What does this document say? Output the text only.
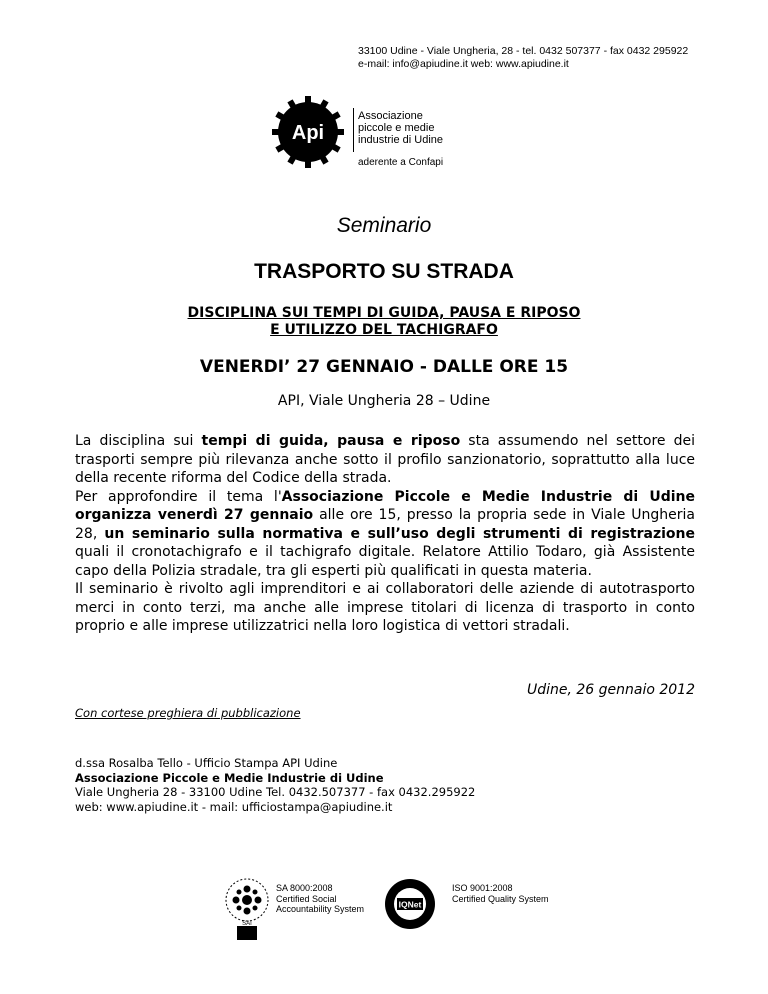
33100 Udine - Viale Ungheria, 28 - tel. 0432 507377 - fax 0432 295922
e-mail: info@apiudine.it web: www.apiudine.it
Api
Associazione
piccole e medie
industrie di Udine
aderente a Confapi
Seminario
TRASPORTO SU STRADA
DISCIPLINA SUI TEMPI DI GUIDA, PAUSA E RIPOSO
E UTILIZZO DEL TACHIGRAFO
VENERDI’ 27 GENNAIO - DALLE ORE 15
API, Viale Ungheria 28 – Udine

La disciplina sui tempi di guida, pausa e riposo sta assumendo nel settore dei trasporti sempre più rilevanza anche sotto il profilo sanzionatorio, soprattutto alla luce della recente riforma del Codice della strada.

Per approfondire il tema l'Associazione Piccole e Medie Industrie di Udine organizza venerdì 27 gennaio alle ore 15, presso la propria sede in Viale Ungheria 28, un seminario sulla normativa e sull’uso degli strumenti di registrazione quali il cronotachigrafo e il tachigrafo digitale. Relatore Attilio Todaro, già Assistente capo della Polizia stradale, tra gli esperti più qualificati in questa materia.

Il seminario è rivolto agli imprenditori e ai collaboratori delle aziende di autotrasporto merci in conto terzi, ma anche alle imprese titolari di licenza di trasporto in conto proprio e alle imprese utilizzatrici nella loro logistica di vettori stradali.

Udine, 26 gennaio 2012
Con cortese preghiera di pubblicazione
d.ssa Rosalba Tello - Ufficio Stampa API Udine
Associazione Piccole e Medie Industrie di Udine
Viale Ungheria 28 - 33100 Udine Tel. 0432.507377 - fax 0432.295922
web: www.apiudine.it - mail: ufficiostampa@apiudine.it
SAI
SA 8000:2008
Certified Social
Accountability System	IQNet
ISO 9001:2008
Certified Quality System
